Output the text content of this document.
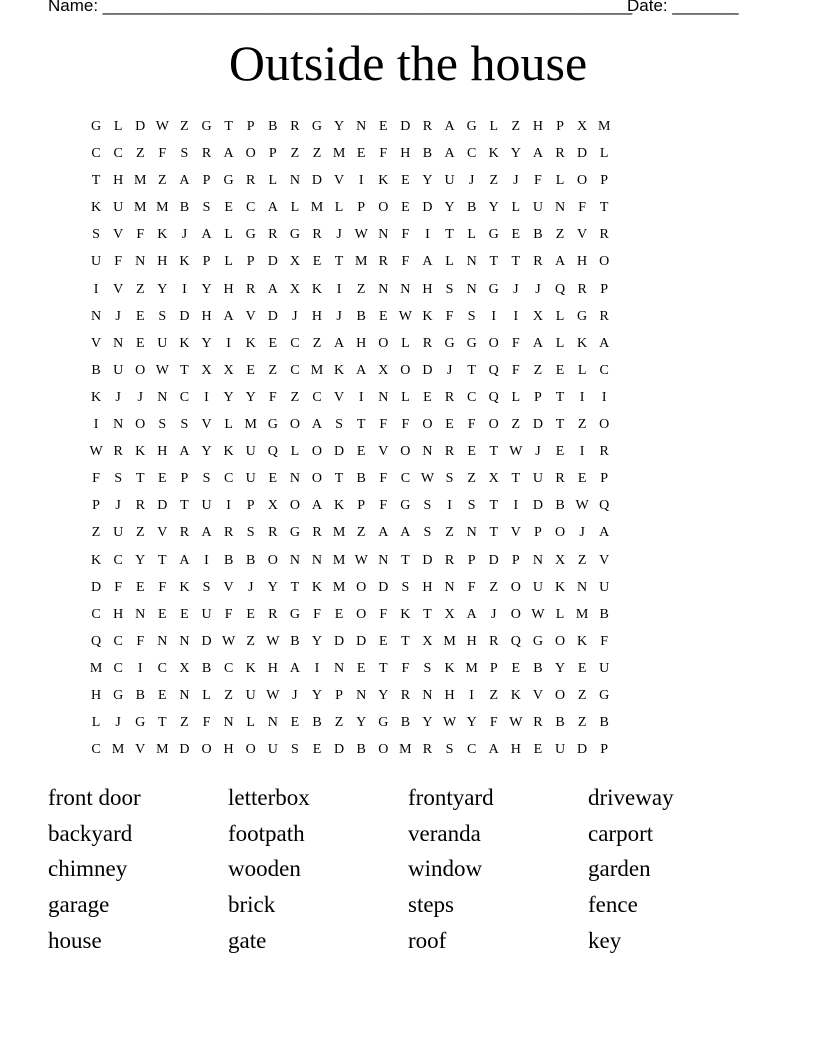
Name: ________________________________________________________
Date: _______
Outside the house
G L D W Z G T P B R G Y N E D R A G L Z H P X M
C C Z F	S R A O P Z Z M E F H B A C K Y A R D L
T H M Z A P G R L N D V	I	K E Y U	J	Z	J	F L O P
K U M M B S E C A L M L P O E D Y B Y L U N F T
S V F K	J	A L G R G R	J W N F	I	T L G E B Z V R
U F N H K P L P D X E T M R F A L N T T R A H O
I	V Z Y	I	Y H R A X K	I	Z N N H S N G	J	J	Q R P
N	J	E S D H A V D	J	H	J	B E W K F	S	I	I	X L G R
V N E U K Y	I	K E C Z A H O L R G G O F A L K A
B U O W T X X E Z C M K A X O D	J	T Q F Z E L C
K	J	J	N C	I	Y Y F Z C V	I	N L E R C Q L P T	I	I
I	N O S	S V L M G O A S T F	F O E F O Z D T Z O
W R K H A Y K U Q L O D E V O N R E T W J	E	I	R
F	S T E P	S C U E N O T B F C W S Z X T U R E P
P	J	R D T U	I	P X O A K P	F G S	I	S T	I	D B W Q
Z U Z V R A R S R G R M Z A A S Z N T V P O	J	A
K C Y T A	I	B B O N N M W N T D R P D P N X Z V
D F E F K S V	J	Y T K M O D S H N F Z O U K N U
C H N E E U F E R G F E O F K T X A	J	O W L M B
Q C F N N D W Z W B Y D D E T X M H R Q G O K F
M C	I	C X B C K H A	I	N E T F	S K M P E B Y E U
H G B E N L Z U W J	Y P N Y R N H	I	Z K V O Z G
L	J	G T Z F N L N E B Z Y G B Y W Y F W R B Z B
C M V M D O H O U S E D B O M R S C A H E U D P
front door	letterbox	frontyard	driveway
backyard	footpath	veranda	carport
chimney	wooden	window	garden
garage	brick	steps	fence
house	gate	roof	key
